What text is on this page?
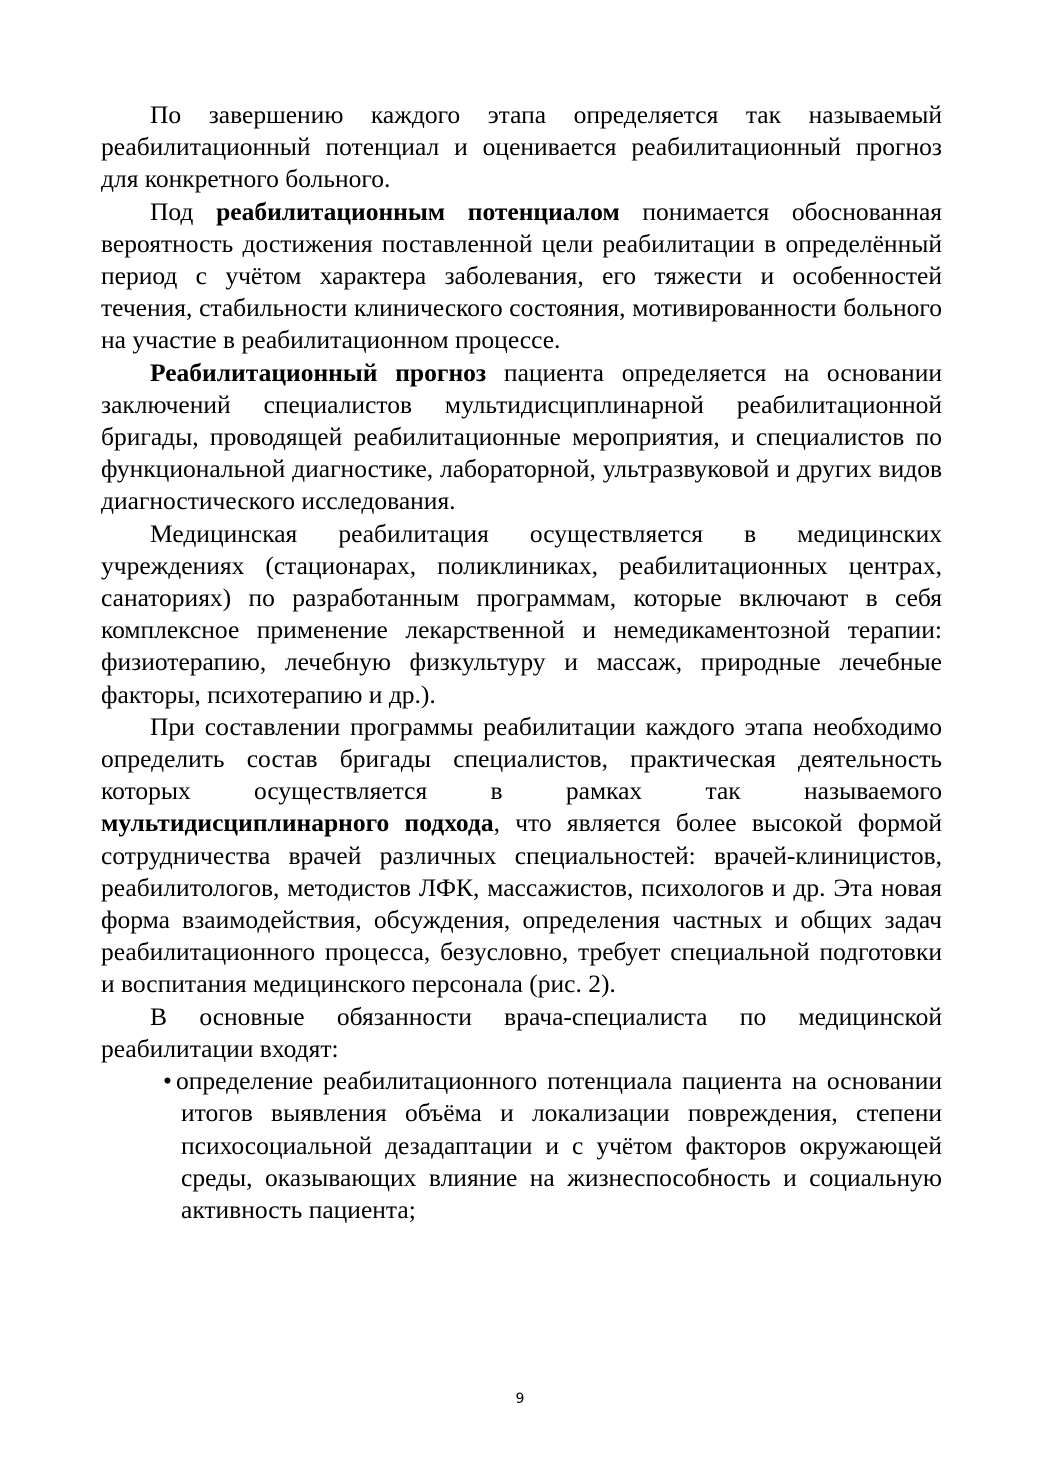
По завершению каждого этапа определяется так называемый реабилитационный потенциал и оценивается реабилитационный прогноз для конкретного больного.

Под реабилитационным потенциалом понимается обоснованная вероятность достижения поставленной цели реабилитации в определённый период с учётом характера заболевания, его тяжести и особенностей течения, стабильности клинического состояния, мотивированности больного на участие в реабилитационном процессе.

Реабилитационный прогноз пациента определяется на основании заключений специалистов мультидисциплинарной реабилитационной бригады, проводящей реабилитационные мероприятия, и специалистов по функциональной диагностике, лабораторной, ультразвуковой и других видов диагностического исследования.

Медицинская реабилитация осуществляется в медицинских учреждениях (стационарах, поликлиниках, реабилитационных центрах, санаториях) по разработанным программам, которые включают в себя комплексное применение лекарственной и немедикаментозной терапии: физиотерапию, лечебную физкультуру и массаж, природные лечебные факторы, психотерапию и др.).

При составлении программы реабилитации каждого этапа необходимо определить состав бригады специалистов, практическая деятельность которых осуществляется в рамках так называемого мультидисциплинарного подхода, что является более высокой формой сотрудничества врачей различных специальностей: врачей-клиницистов, реабилитологов, методистов ЛФК, массажистов, психологов и др. Эта новая форма взаимодействия, обсуждения, определения частных и общих задач реабилитационного процесса, безусловно, требует специальной подготовки и воспитания медицинского персонала (рис. 2).

В основные обязанности врача-специалиста по медицинской реабилитации входят:

• определение реабилитационного потенциала пациента на основании итогов выявления объёма и локализации повреждения, степени психосоциальной дезадаптации и с учётом факторов окружающей среды, оказывающих влияние на жизнеспособность и социальную активность пациента;
9
